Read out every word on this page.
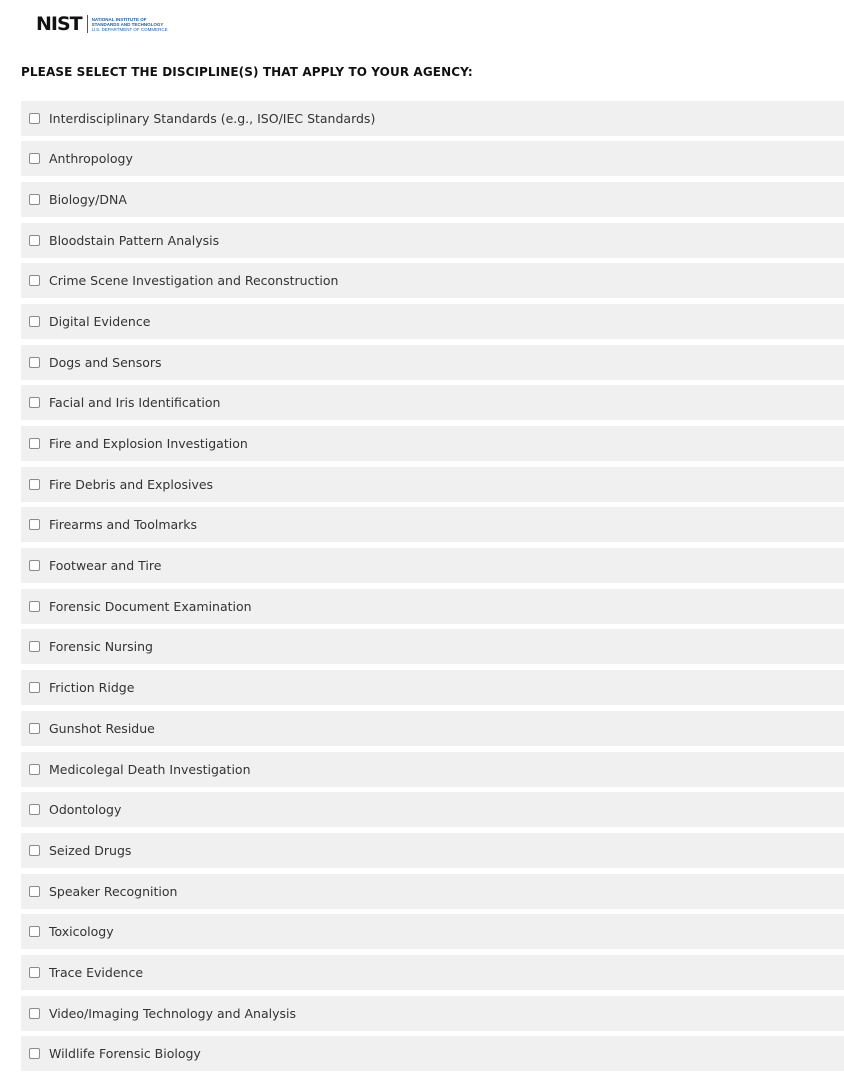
NIST NATIONAL INSTITUTE OF
STANDARDS AND TECHNOLOGY
U.S. DEPARTMENT OF COMMERCE
PLEASE SELECT THE DISCIPLINE(S) THAT APPLY TO YOUR AGENCY:
Interdisciplinary Standards (e.g., ISO/IEC Standards)
Anthropology
Biology/DNA
Bloodstain Pattern Analysis
Crime Scene Investigation and Reconstruction
Digital Evidence
Dogs and Sensors
Facial and Iris Identification
Fire and Explosion Investigation
Fire Debris and Explosives
Firearms and Toolmarks
Footwear and Tire
Forensic Document Examination
Forensic Nursing
Friction Ridge
Gunshot Residue
Medicolegal Death Investigation
Odontology
Seized Drugs
Speaker Recognition
Toxicology
Trace Evidence
Video/Imaging Technology and Analysis
Wildlife Forensic Biology
